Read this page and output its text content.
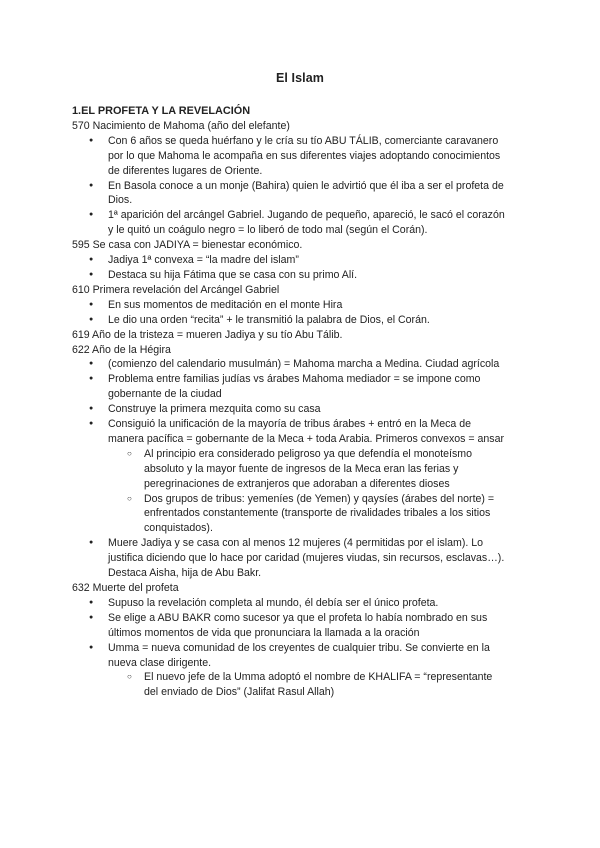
El Islam
1.EL PROFETA Y LA REVELACIÓN
570 Nacimiento de Mahoma (año del elefante)
● Con 6 años se queda huérfano y le cría su tío ABU TÁLIB, comerciante caravanero
por lo que Mahoma le acompaña en sus diferentes viajes adoptando conocimientos
de diferentes lugares de Oriente.
● En Basola conoce a un monje (Bahira) quien le advirtió que él iba a ser el profeta de
Dios.
● 1ª aparición del arcángel Gabriel. Jugando de pequeño, apareció, le sacó el corazón
y le quitó un coágulo negro = lo liberó de todo mal (según el Corán).
595 Se casa con JADIYA = bienestar económico.
● Jadiya 1ª convexa = “la madre del islam”
● Destaca su hija Fátima que se casa con su primo Alí.
610 Primera revelación del Arcángel Gabriel
● En sus momentos de meditación en el monte Hira
● Le dio una orden “recita” + le transmitió la palabra de Dios, el Corán.
619 Año de la tristeza = mueren Jadiya y su tío Abu Tálib.
622 Año de la Hégira
● (comienzo del calendario musulmán) = Mahoma marcha a Medina. Ciudad agrícola
● Problema entre familias judías vs árabes Mahoma mediador = se impone como
gobernante de la ciudad
● Construye la primera mezquita como su casa
● Consiguió la unificación de la mayoría de tribus árabes + entró en la Meca de
manera pacífica = gobernante de la Meca + toda Arabia. Primeros convexos = ansar
○ Al principio era considerado peligroso ya que defendía el monoteísmo
absoluto y la mayor fuente de ingresos de la Meca eran las ferias y
peregrinaciones de extranjeros que adoraban a diferentes dioses
○ Dos grupos de tribus: yemeníes (de Yemen) y qaysíes (árabes del norte) =
enfrentados constantemente (transporte de rivalidades tribales a los sitios
conquistados).
● Muere Jadiya y se casa con al menos 12 mujeres (4 permitidas por el islam). Lo
justifica diciendo que lo hace por caridad (mujeres viudas, sin recursos, esclavas…).
Destaca Aisha, hija de Abu Bakr.
632 Muerte del profeta
● Supuso la revelación completa al mundo, él debía ser el único profeta.
● Se elige a ABU BAKR como sucesor ya que el profeta lo había nombrado en sus
últimos momentos de vida que pronunciara la llamada a la oración
● Umma = nueva comunidad de los creyentes de cualquier tribu. Se convierte en la
nueva clase dirigente.
○ El nuevo jefe de la Umma adoptó el nombre de KHALIFA = “representante
del enviado de Dios” (Jalifat Rasul Allah)
